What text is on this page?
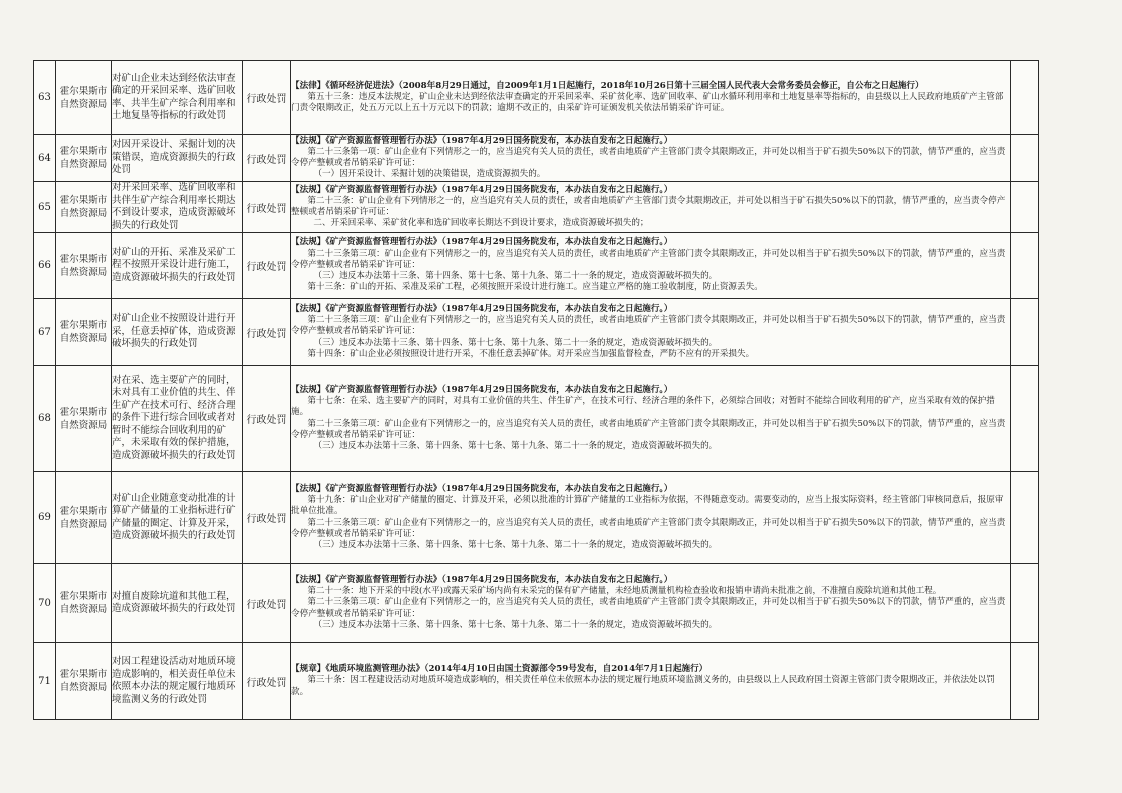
63	霍尔果斯市自然资源局	对矿山企业未达到经依法审查确定的开采回采率、选矿回收率、共半生矿产综合利用率和土地复垦等指标的行政处罚	行政处罚	【法律】《循环经济促进法》（2008年8月29日通过，自2009年1月1日起施行，2018年10月26日第十三届全国人民代表大会常务委员会修正，自公布之日起施行）
第五十三条：违反本法规定，矿山企业未达到经依法审查确定的开采回采率、采矿贫化率、选矿回收率、矿山水循环利用率和土地复垦率等指标的，由县级以上人民政府地质矿产主管部门责令限期改正，处五万元以上五十万元以下的罚款；逾期不改正的，由采矿许可证颁发机关依法吊销采矿许可证。	

64	霍尔果斯市自然资源局	对因开采设计、采掘计划的决策错误，造成资源损失的行政处罚	行政处罚	【法规】《矿产资源监督管理暂行办法》（1987年4月29日国务院发布，本办法自发布之日起施行。）
第二十三条第一项：矿山企业有下列情形之一的，应当追究有关人员的责任，或者由地质矿产主管部门责令其限期改正，并可处以相当于矿石损失50%以下的罚款，情节严重的，应当责令停产整顿或者吊销采矿许可证：
（一）因开采设计、采掘计划的决策错误，造成资源损失的。	

65	霍尔果斯市自然资源局	对开采回采率、选矿回收率和共伴生矿产综合利用率长期达不到设计要求，造成资源破坏损失的行政处罚	行政处罚	【法规】《矿产资源监督管理暂行办法》（1987年4月29日国务院发布，本办法自发布之日起施行。）
第二十三条：矿山企业有下列情形之一的，应当追究有关人员的责任，或者由地质矿产主管部门责令其限期改正，并可处以相当于矿石损失50%以下的罚款，情节严重的，应当责令停产整顿或者吊销采矿许可证：
二、开采回采率、采矿贫化率和选矿回收率长期达不到设计要求，造成资源破坏损失的；	

66	霍尔果斯市自然资源局	对矿山的开拓、采准及采矿工程不按照开采设计进行施工，造成资源破坏损失的行政处罚	行政处罚	【法规】《矿产资源监督管理暂行办法》（1987年4月29日国务院发布，本办法自发布之日起施行。）
第二十三条第三项：矿山企业有下列情形之一的，应当追究有关人员的责任，或者由地质矿产主管部门责令其限期改正，并可处以相当于矿石损失50%以下的罚款，情节严重的，应当责令停产整顿或者吊销采矿许可证：
（三）违反本办法第十三条、第十四条、第十七条、第十九条、第二十一条的规定，造成资源破坏损失的。
第十三条：矿山的开拓、采准及采矿工程，必须按照开采设计进行施工。应当建立严格的施工验收制度，防止资源丢失。	

67	霍尔果斯市自然资源局	对矿山企业不按照设计进行开采，任意丢掉矿体，造成资源破坏损失的行政处罚	行政处罚	【法规】《矿产资源监督管理暂行办法》（1987年4月29日国务院发布，本办法自发布之日起施行。）
第二十三条第三项：矿山企业有下列情形之一的，应当追究有关人员的责任，或者由地质矿产主管部门责令其限期改正，并可处以相当于矿石损失50%以下的罚款，情节严重的，应当责令停产整顿或者吊销采矿许可证：
（三）违反本办法第十三条、第十四条、第十七条、第十九条、第二十一条的规定，造成资源破坏损失的。
第十四条：矿山企业必须按照设计进行开采，不准任意丢掉矿体。对开采应当加强监督检查，严防不应有的开采损失。	

68	霍尔果斯市自然资源局	对在采、选主要矿产的同时，未对具有工业价值的共生、伴生矿产在技术可行、经济合理的条件下进行综合回收或者对暂时不能综合回收利用的矿产，未采取有效的保护措施，造成资源破坏损失的行政处罚	行政处罚	【法规】《矿产资源监督管理暂行办法》（1987年4月29日国务院发布，本办法自发布之日起施行。）
第十七条：在采、选主要矿产的同时，对具有工业价值的共生、伴生矿产，在技术可行、经济合理的条件下，必须综合回收；对暂时不能综合回收利用的矿产，应当采取有效的保护措施。
第二十三条第三项：矿山企业有下列情形之一的，应当追究有关人员的责任，或者由地质矿产主管部门责令其限期改正，并可处以相当于矿石损失50%以下的罚款，情节严重的，应当责令停产整顿或者吊销采矿许可证：
（三）违反本办法第十三条、第十四条、第十七条、第十九条、第二十一条的规定，造成资源破坏损失的。	

69	霍尔果斯市自然资源局	对矿山企业随意变动批准的计算矿产储量的工业指标进行矿产储量的圈定、计算及开采，造成资源破坏损失的行政处罚	行政处罚	【法规】《矿产资源监督管理暂行办法》（1987年4月29日国务院发布，本办法自发布之日起施行。）
第十九条：矿山企业对矿产储量的圈定、计算及开采，必须以批准的计算矿产储量的工业指标为依据，不得随意变动。需要变动的，应当上报实际资料，经主管部门审核同意后，报原审批单位批准。
第二十三条第三项：矿山企业有下列情形之一的，应当追究有关人员的责任，或者由地质矿产主管部门责令其限期改正，并可处以相当于矿石损失50%以下的罚款，情节严重的，应当责令停产整顿或者吊销采矿许可证：
（三）违反本办法第十三条、第十四条、第十七条、第十九条、第二十一条的规定，造成资源破坏损失的。	

70	霍尔果斯市自然资源局	对擅自废除坑道和其他工程，造成资源破坏损失的行政处罚	行政处罚	【法规】《矿产资源监督管理暂行办法》（1987年4月29日国务院发布，本办法自发布之日起施行。）
第二十一条：地下开采的中段(水平)或露天采矿场内尚有未采完的保有矿产储量，未经地质测量机构检查验收和报销申请尚未批准之前，不准擅自废除坑道和其他工程。
第二十三条第三项：矿山企业有下列情形之一的，应当追究有关人员的责任，或者由地质矿产主管部门责令其限期改正，并可处以相当于矿石损失50%以下的罚款，情节严重的，应当责令停产整顿或者吊销采矿许可证：
（三）违反本办法第十三条、第十四条、第十七条、第十九条、第二十一条的规定，造成资源破坏损失的。	

71	霍尔果斯市自然资源局	对因工程建设活动对地质环境造成影响的，相关责任单位未依照本办法的规定履行地质环境监测义务的行政处罚	行政处罚	【规章】《地质环境监测管理办法》（2014年4月10日由国土资源部令59号发布，自2014年7月1日起施行）
第三十条：因工程建设活动对地质环境造成影响的，相关责任单位未依照本办法的规定履行地质环境监测义务的，由县级以上人民政府国土资源主管部门责令限期改正，并依法处以罚款。	
